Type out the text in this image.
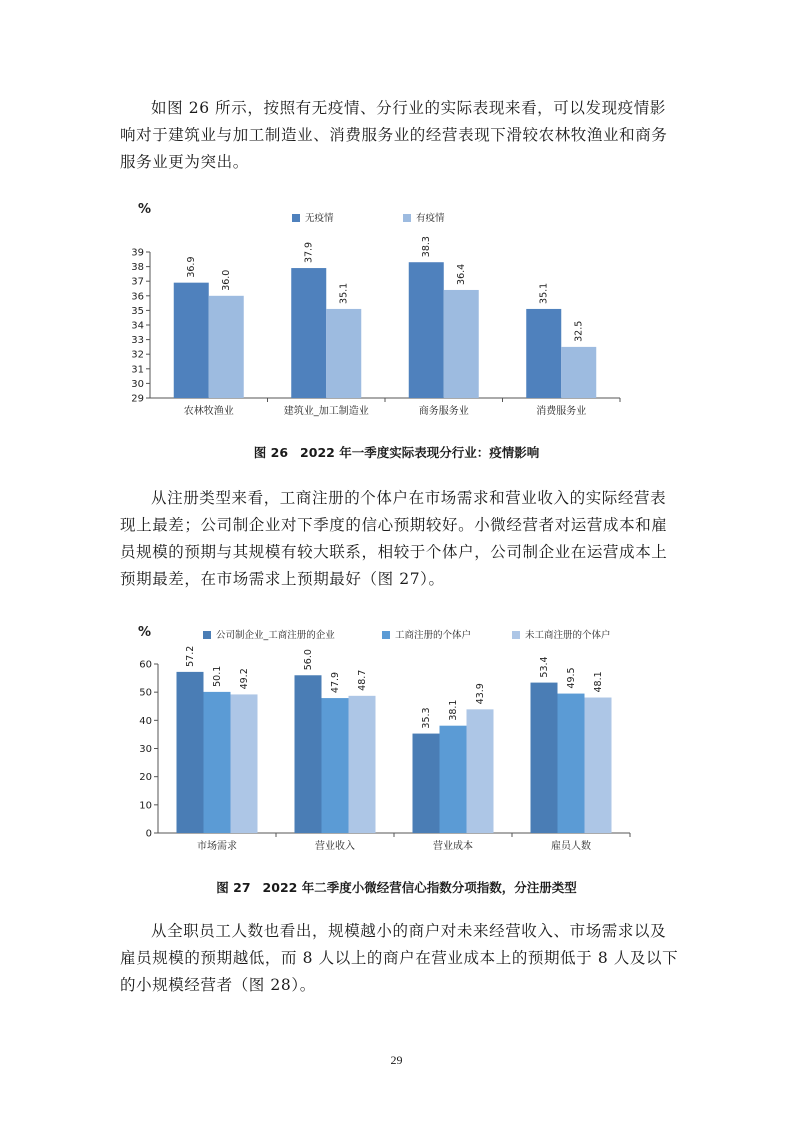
如图 26 所示，按照有无疫情、分行业的实际表现来看，可以发现疫情影响对于建筑业与加工制造业、消费服务业的经营表现下滑较农林牧渔业和商务服务业更为突出。

%
无疫情	有疫情
29
30
31
32
33
34
35
36
37
38
39
36.9
36.0
农林牧渔业
37.9
35.1
建筑业_加工制造业
38.3
36.4
商务服务业
35.1
32.5
消费服务业

图 26 2022 年一季度实际表现分行业：疫情影响

从注册类型来看，工商注册的个体户在市场需求和营业收入的实际经营表现上最差；公司制企业对下季度的信心预期较好。小微经营者对运营成本和雇员规模的预期与其规模有较大联系，相较于个体户，公司制企业在运营成本上预期最差，在市场需求上预期最好（图 27）。

%	公司制企业_工商注册的企业	工商注册的个体户	未工商注册的个体户
0
10
20
30
40
50
60	57.2
50.1 49.2
市场需求
56.0
47.9 48.7
营业收入
35.3 38.1
43.9
营业成本
53.4
49.5 48.1
雇员人数

图 27 2022 年二季度小微经营信心指数分项指数，分注册类型

从全职员工人数也看出，规模越小的商户对未来经营收入、市场需求以及雇员规模的预期越低，而 8 人以上的商户在营业成本上的预期低于 8 人及以下的小规模经营者（图 28）。

29
